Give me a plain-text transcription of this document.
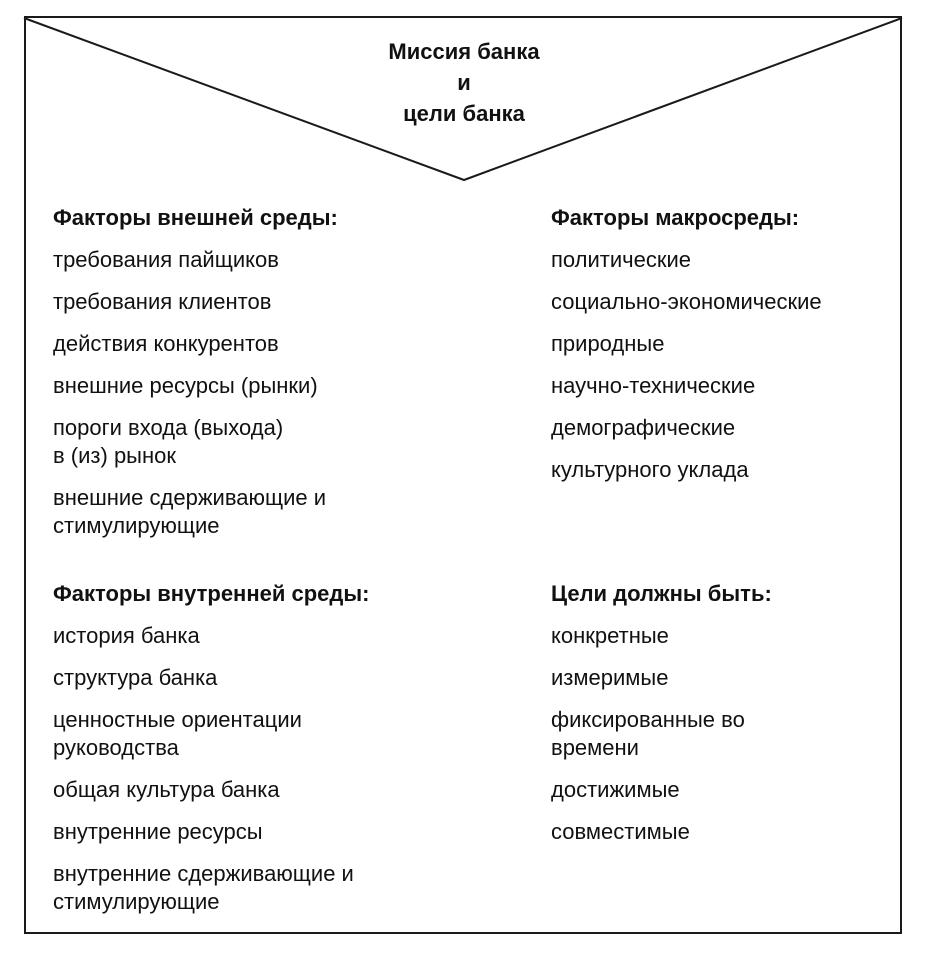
Миссия банка
и
цели банка
Факторы внешней среды:
требования пайщиков
требования клиентов
действия конкурентов
внешние ресурсы (рынки)
пороги входа (выхода)
в (из) рынок
внешние сдерживающие и
стимулирующие
Факторы макросреды:
политические
социально-экономические
природные
научно-технические
демографические
культурного уклада
Факторы внутренней среды:
история банка
структура банка
ценностные ориентации
руководства
общая культура банка
внутренние ресурсы
внутренние сдерживающие и
стимулирующие
Цели должны быть:
конкретные
измеримые
фиксированные во
времени
достижимые
совместимые
